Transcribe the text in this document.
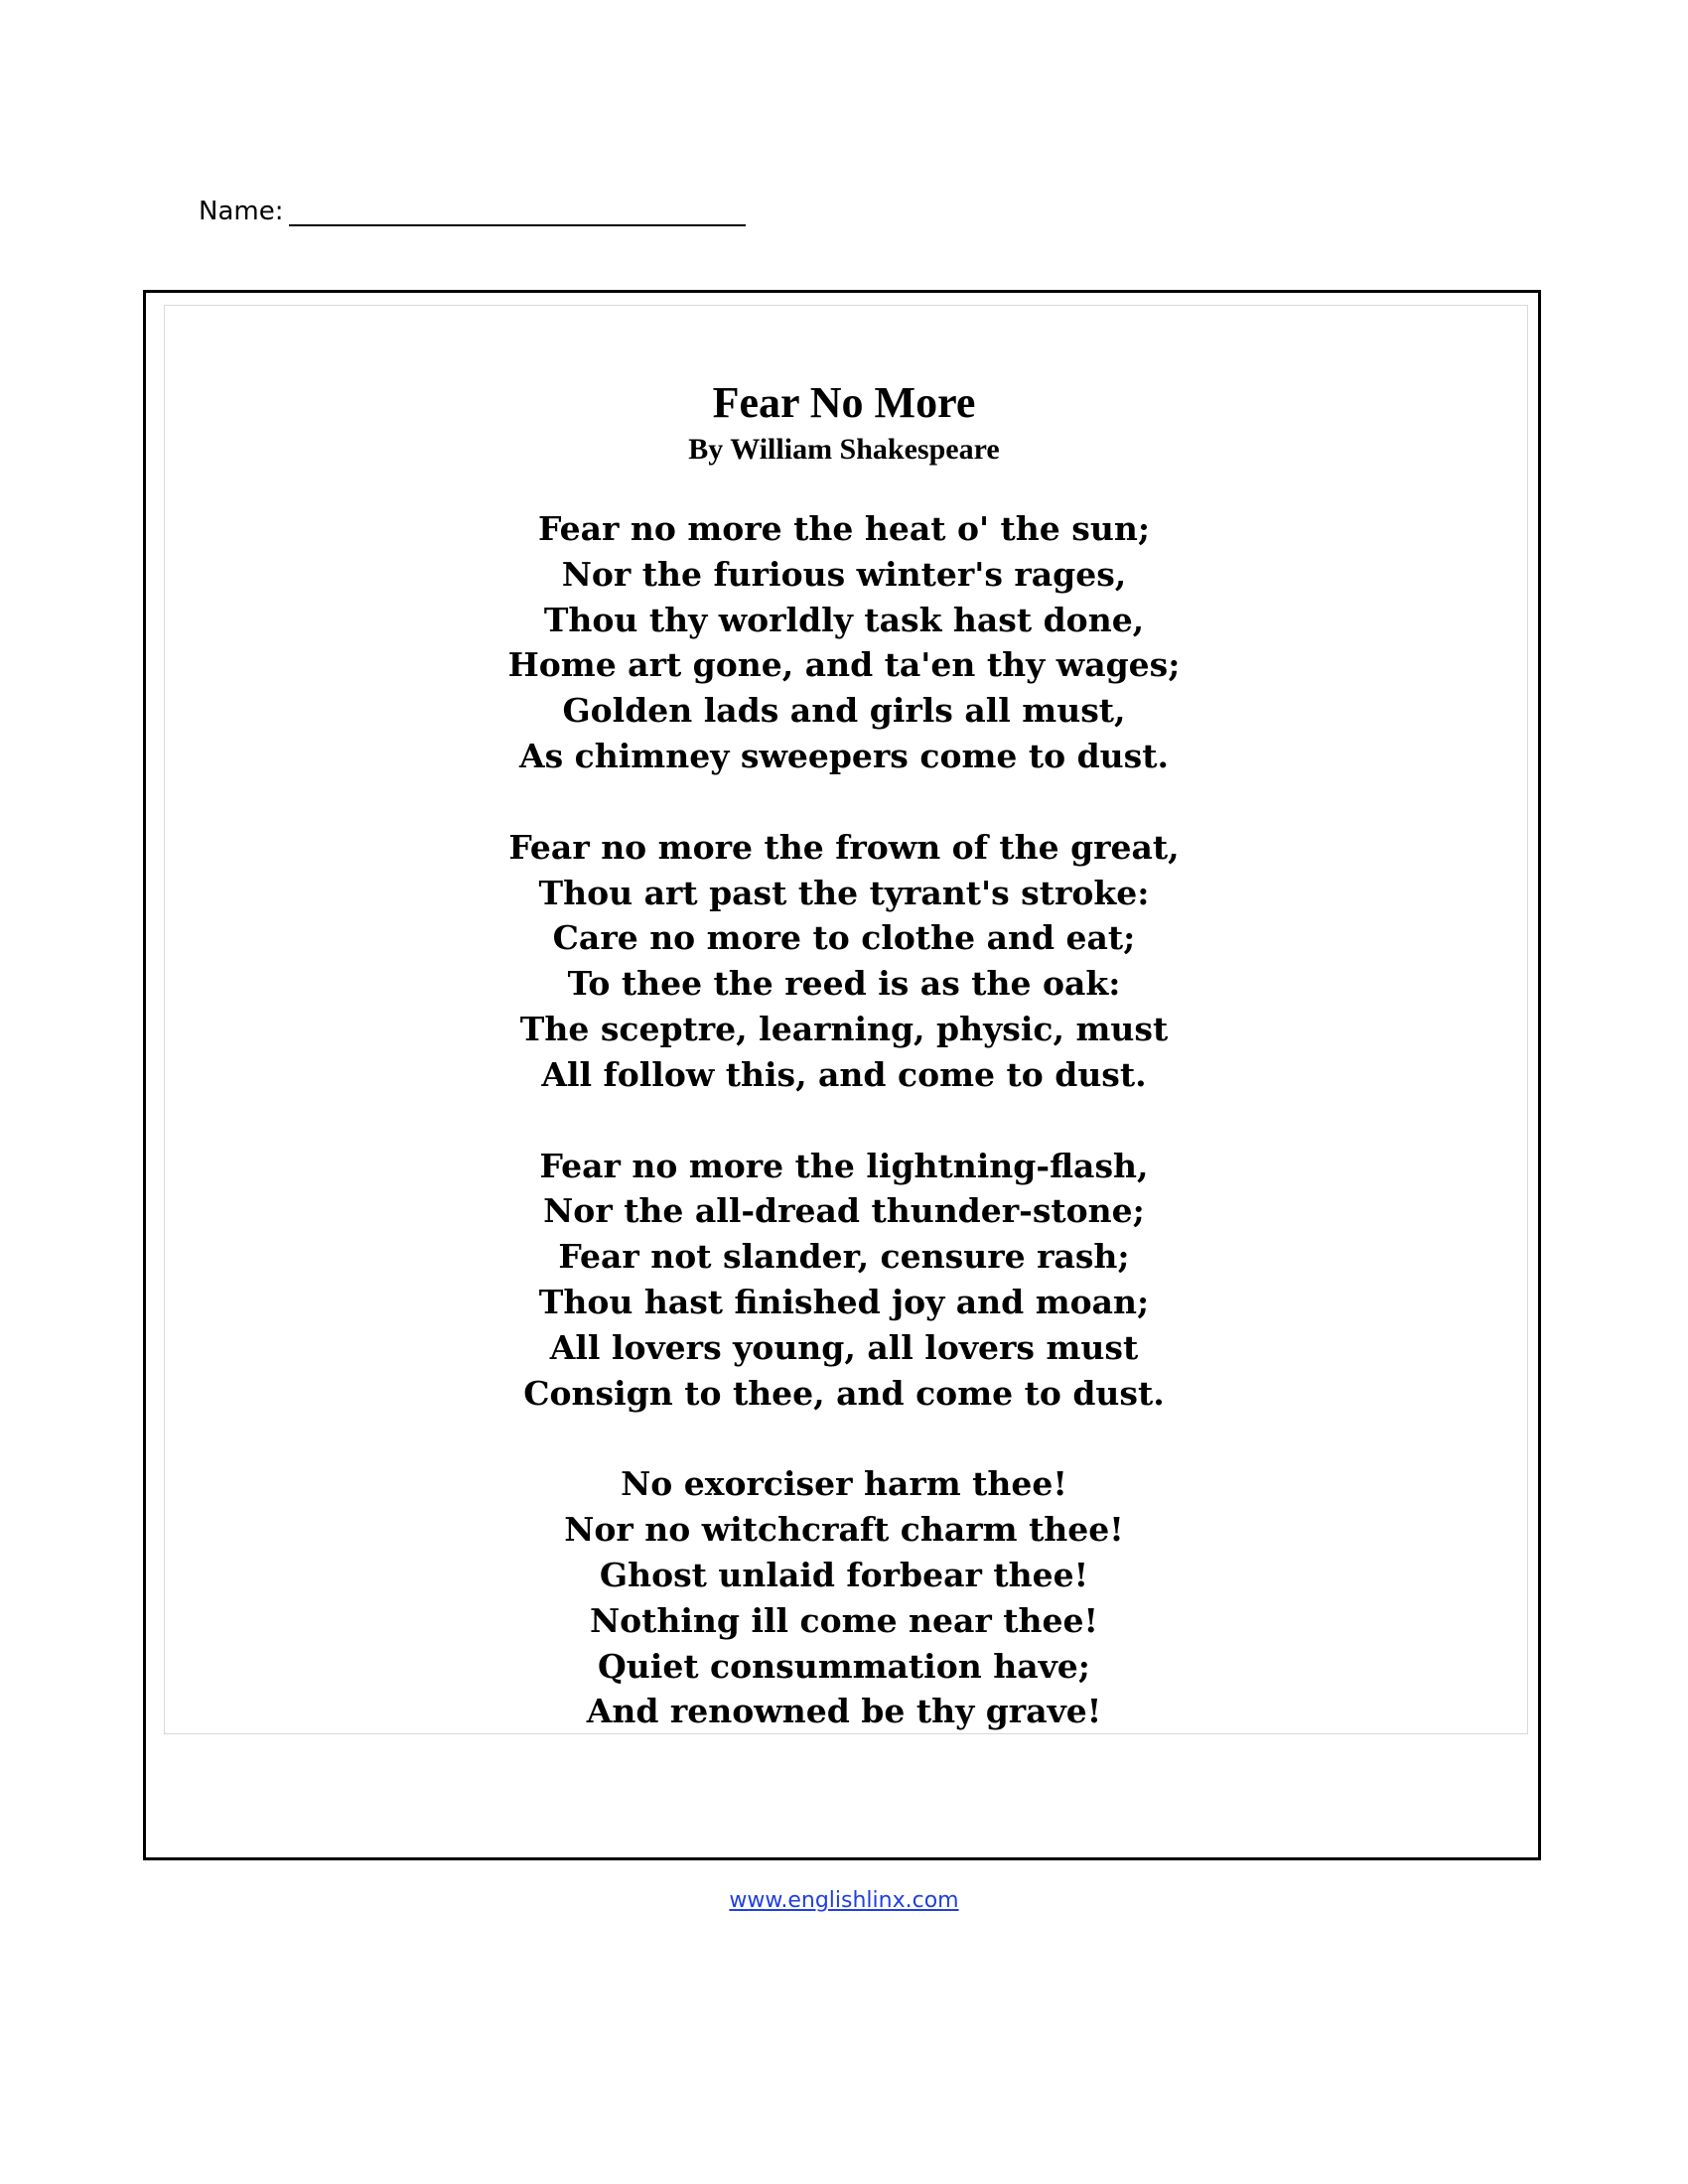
Name:
Fear No More
By William Shakespeare
Fear no more the heat o' the sun;
Nor the furious winter's rages,
Thou thy worldly task hast done,
Home art gone, and ta'en thy wages;
Golden lads and girls all must,
As chimney sweepers come to dust.
Fear no more the frown of the great,
Thou art past the tyrant's stroke:
Care no more to clothe and eat;
To thee the reed is as the oak:
The sceptre, learning, physic, must
All follow this, and come to dust.
Fear no more the lightning-flash,
Nor the all-dread thunder-stone;
Fear not slander, censure rash;
Thou hast finished joy and moan;
All lovers young, all lovers must
Consign to thee, and come to dust.
No exorciser harm thee!
Nor no witchcraft charm thee!
Ghost unlaid forbear thee!
Nothing ill come near thee!
Quiet consummation have;
And renowned be thy grave!
www.englishlinx.com
